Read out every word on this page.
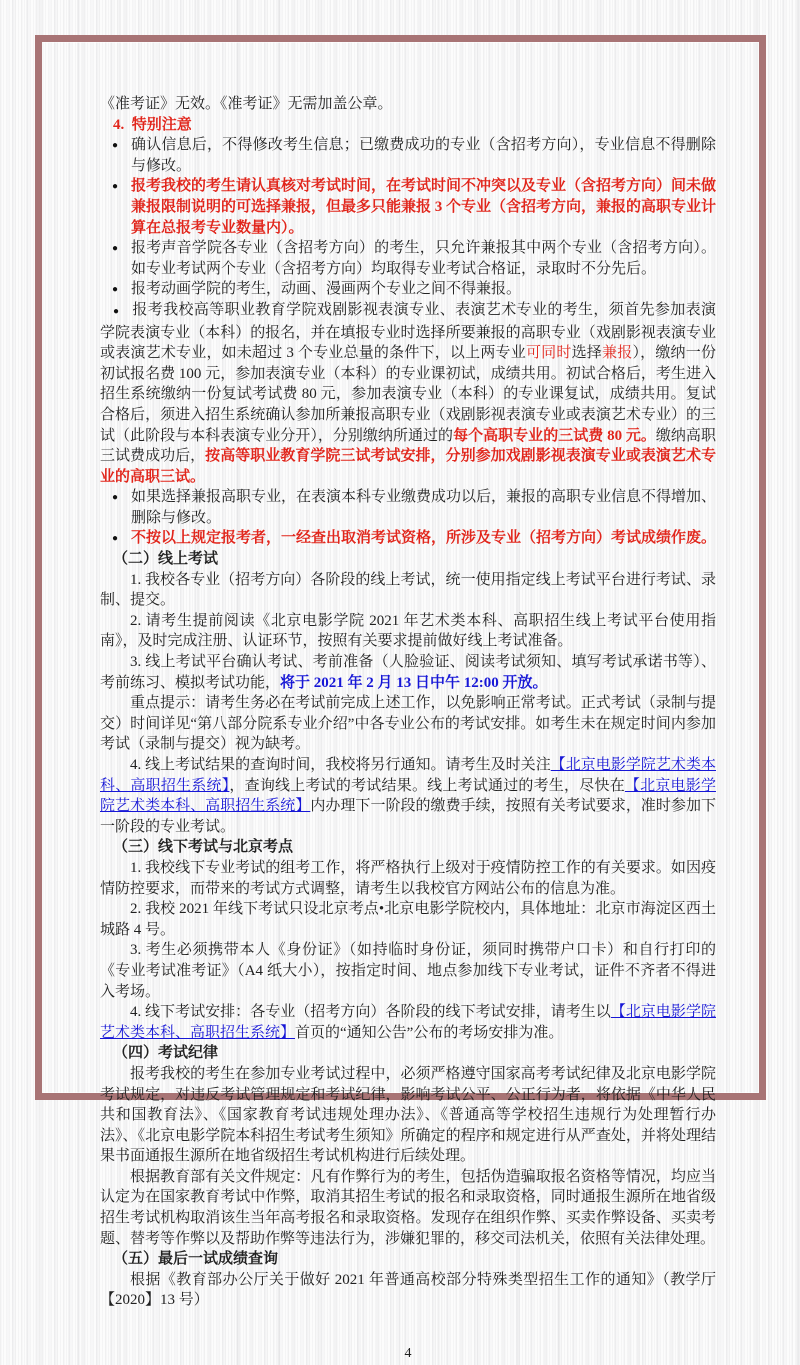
《准考证》无效。《准考证》无需加盖公章。
4.  特别注意
● 确认信息后，不得修改考生信息；已缴费成功的专业（含招考方向），专业信息不得删除与修改。
● 报考我校的考生请认真核对考试时间，在考试时间不冲突以及专业（含招考方向）间未做兼报限制说明的可选择兼报，但最多只能兼报 3 个专业（含招考方向，兼报的高职专业计算在总报考专业数量内）。
● 报考声音学院各专业（含招考方向）的考生，只允许兼报其中两个专业（含招考方向）。如专业考试两个专业（含招考方向）均取得专业考试合格证，录取时不分先后。
● 报考动画学院的考生，动画、漫画两个专业之间不得兼报。
● 报考我校高等职业教育学院戏剧影视表演专业、表演艺术专业的考生，须首先参加表演学院表演专业（本科）的报名，并在填报专业时选择所要兼报的高职专业（戏剧影视表演专业或表演艺术专业，如未超过 3 个专业总量的条件下，以上两专业可同时选择兼报），缴纳一份初试报名费 100 元，参加表演专业（本科）的专业课初试，成绩共用。初试合格后，考生进入招生系统缴纳一份复试考试费 80 元，参加表演专业（本科）的专业课复试，成绩共用。复试合格后，须进入招生系统确认参加所兼报高职专业（戏剧影视表演专业或表演艺术专业）的三试（此阶段与本科表演专业分开），分别缴纳所通过的每个高职专业的三试费 80 元。缴纳高职三试费成功后，按高等职业教育学院三试考试安排，分别参加戏剧影视表演专业或表演艺术专业的高职三试。
● 如果选择兼报高职专业，在表演本科专业缴费成功以后，兼报的高职专业信息不得增加、删除与修改。
● 不按以上规定报考者，一经查出取消考试资格，所涉及专业（招考方向）考试成绩作废。
（二）线上考试
1. 我校各专业（招考方向）各阶段的线上考试，统一使用指定线上考试平台进行考试、录制、提交。
2. 请考生提前阅读《北京电影学院 2021 年艺术类本科、高职招生线上考试平台使用指南》，及时完成注册、认证环节，按照有关要求提前做好线上考试准备。
3. 线上考试平台确认考试、考前准备（人脸验证、阅读考试须知、填写考试承诺书等）、考前练习、模拟考试功能，将于 2021 年 2 月 13 日中午 12:00 开放。
重点提示：请考生务必在考试前完成上述工作，以免影响正常考试。正式考试（录制与提交）时间详见“第八部分院系专业介绍”中各专业公布的考试安排。如考生未在规定时间内参加考试（录制与提交）视为缺考。
4. 线上考试结果的查询时间，我校将另行通知。请考生及时关注【北京电影学院艺术类本科、高职招生系统】，查询线上考试的考试结果。线上考试通过的考生，尽快在【北京电影学院艺术类本科、高职招生系统】内办理下一阶段的缴费手续，按照有关考试要求，准时参加下一阶段的专业考试。
（三）线下考试与北京考点
1. 我校线下专业考试的组考工作，将严格执行上级对于疫情防控工作的有关要求。如因疫情防控要求，而带来的考试方式调整，请考生以我校官方网站公布的信息为准。
2. 我校 2021 年线下考试只设北京考点•北京电影学院校内，具体地址：北京市海淀区西土城路 4 号。
3. 考生必须携带本人《身份证》（如持临时身份证，须同时携带户口卡）和自行打印的《专业考试准考证》（A4 纸大小），按指定时间、地点参加线下专业考试，证件不齐者不得进入考场。
4. 线下考试安排：各专业（招考方向）各阶段的线下考试安排，请考生以【北京电影学院艺术类本科、高职招生系统】首页的“通知公告”公布的考场安排为准。
（四）考试纪律
报考我校的考生在参加专业考试过程中，必须严格遵守国家高考考试纪律及北京电影学院考试规定，对违反考试管理规定和考试纪律，影响考试公平、公正行为者，将依据《中华人民共和国教育法》、《国家教育考试违规处理办法》、《普通高等学校招生违规行为处理暂行办法》、《北京电影学院本科招生考试考生须知》所确定的程序和规定进行从严查处，并将处理结果书面通报生源所在地省级招生考试机构进行后续处理。
根据教育部有关文件规定：凡有作弊行为的考生，包括伪造骗取报名资格等情况，均应当认定为在国家教育考试中作弊，取消其招生考试的报名和录取资格，同时通报生源所在地省级招生考试机构取消该生当年高考报名和录取资格。发现存在组织作弊、买卖作弊设备、买卖考题、替考等作弊以及帮助作弊等违法行为，涉嫌犯罪的，移交司法机关，依照有关法律处理。
（五）最后一试成绩查询
根据《教育部办公厅关于做好 2021 年普通高校部分特殊类型招生工作的通知》（教学厅【2020】13 号）
4
